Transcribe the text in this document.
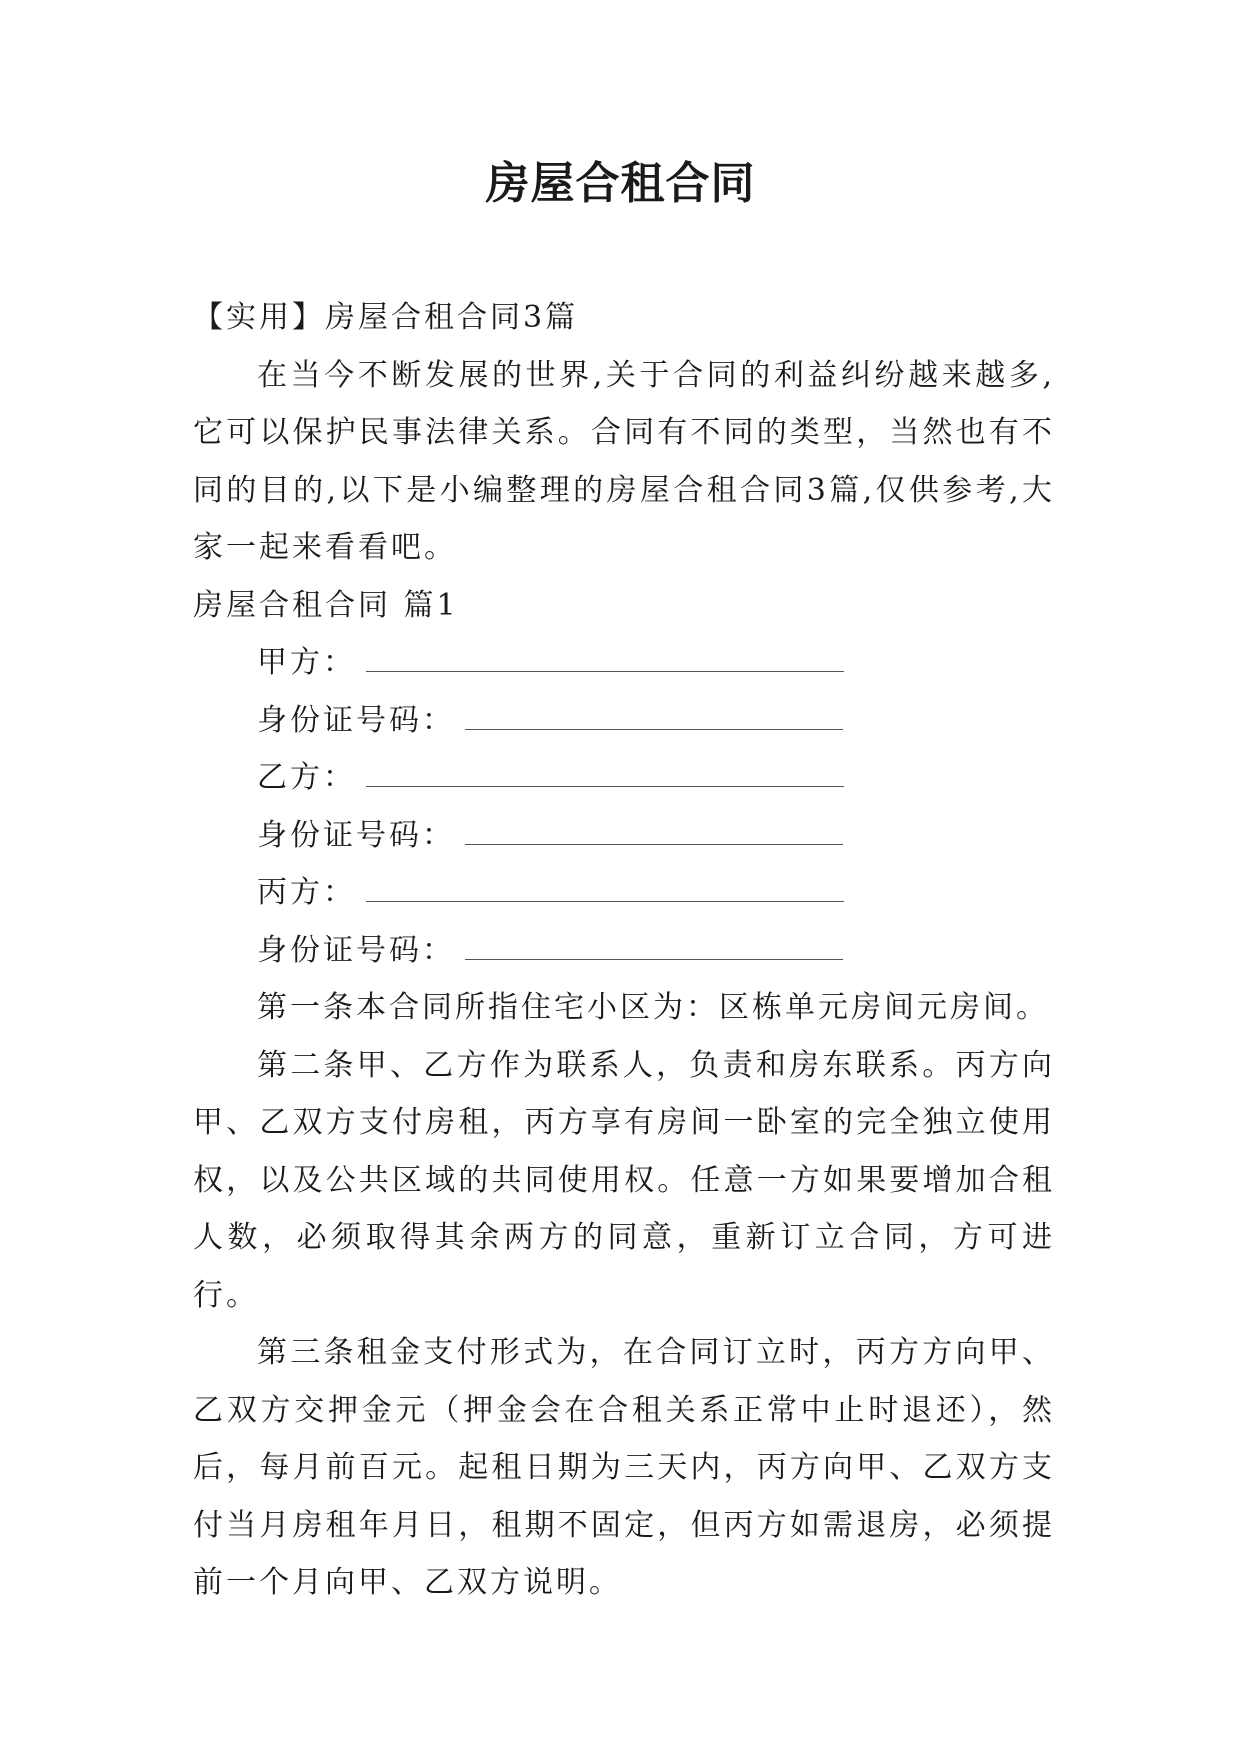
房屋合租合同
【实用】房屋合租合同3篇
在当今不断发展的世界,关于合同的利益纠纷越来越多,它可以保护民事法律关系。合同有不同的类型，当然也有不同的目的,以下是小编整理的房屋合租合同3篇,仅供参考,大家一起来看看吧。
房屋合租合同 篇1
甲方：
身份证号码：
乙方：
身份证号码：
丙方：
身份证号码：
第一条本合同所指住宅小区为：区栋单元房间元房间。
第二条甲、乙方作为联系人，负责和房东联系。丙方向甲、乙双方支付房租，丙方享有房间一卧室的完全独立使用权，以及公共区域的共同使用权。任意一方如果要增加合租人数，必须取得其余两方的同意，重新订立合同，方可进行。
第三条租金支付形式为，在合同订立时，丙方方向甲、乙双方交押金元（押金会在合租关系正常中止时退还），然后，每月前百元。起租日期为三天内，丙方向甲、乙双方支付当月房租年月日，租期不固定，但丙方如需退房，必须提前一个月向甲、乙双方说明。
